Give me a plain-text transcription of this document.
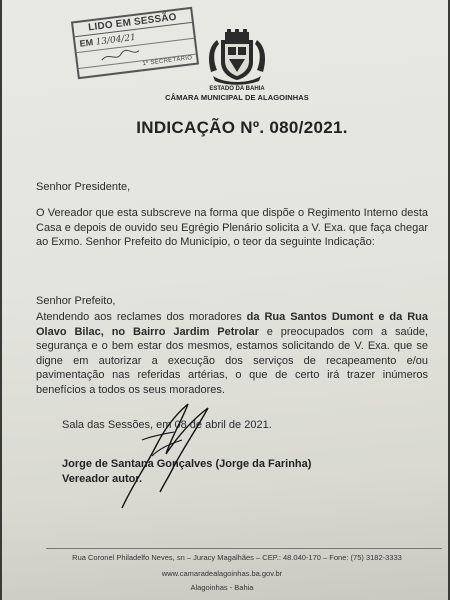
LIDO EM SESSÃO
EM 13/04/21
1º SECRETÁRIO
ESTADO DA BAHIA
CÂMARA MUNICIPAL DE ALAGOINHAS
INDICAÇÃO Nº. 080/2021.
Senhor Presidente,
O Vereador que esta subscreve na forma que dispõe o Regimento Interno desta Casa e depois de ouvido seu Egrégio Plenário solicita a V. Exa. que faça chegar ao Exmo. Senhor Prefeito do Município, o teor da seguinte Indicação:
Senhor Prefeito,
Atendendo aos reclames dos moradores da Rua Santos Dumont e da Rua Olavo Bilac, no Bairro Jardim Petrolar e preocupados com a saúde, segurança e o bem estar dos mesmos, estamos solicitando de V. Exa. que se digne em autorizar a execução dos serviços de recapeamento e/ou pavimentação nas referidas artérias, o que de certo irá trazer inúmeros benefícios a todos os seus moradores.
Sala das Sessões, em 08 de abril de 2021.
Jorge de Santana Gonçalves (Jorge da Farinha)
Vereador autor.
Rua Coronel Philadelfo Neves, sn – Juracy Magalhães – CEP.: 48.040-170 – Fone: (75) 3182-3333
www.camaradealagoinhas.ba.gov.br
Alagoinhas - Bahia
